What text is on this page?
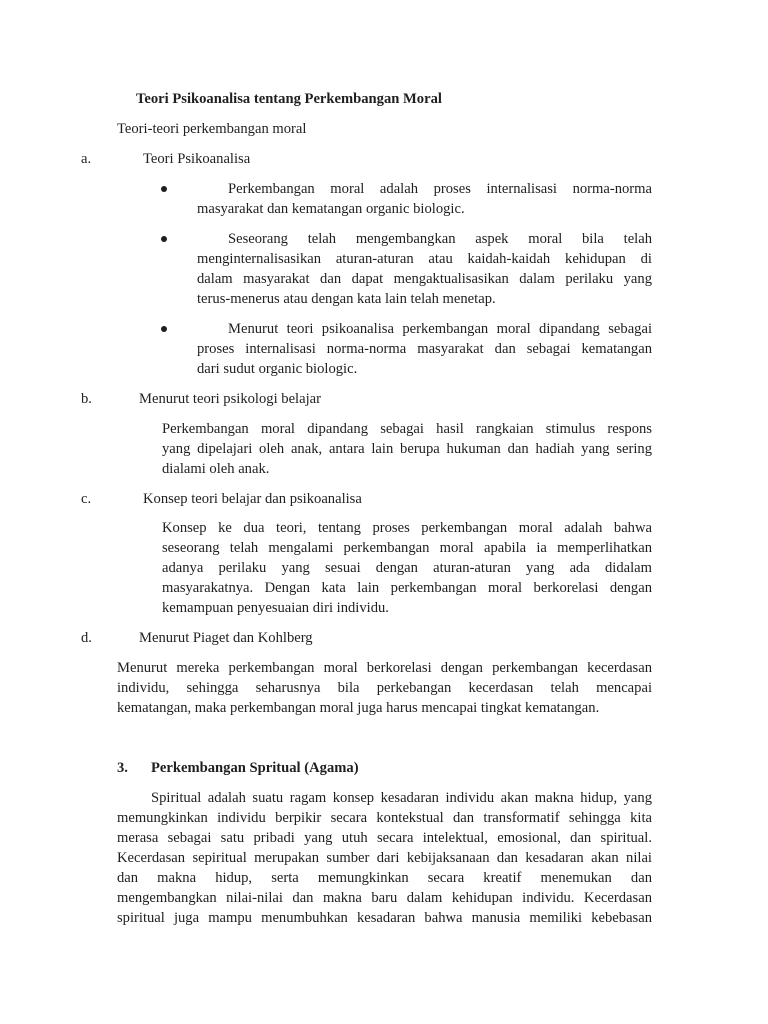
Teori Psikoanalisa tentang Perkembangan Moral

Teori-teori perkembangan moral

a.	Teori Psikoanalisa

Perkembangan moral adalah proses internalisasi norma-norma

masyarakat dan kematangan organic biologic.

Seseorang telah mengembangkan aspek moral bila telah

menginternalisasikan aturan-aturan atau kaidah-kaidah kehidupan di

dalam masyarakat dan dapat mengaktualisasikan dalam perilaku yang

terus-menerus atau dengan kata lain telah menetap.

Menurut teori psikoanalisa perkembangan moral dipandang sebagai

proses internalisasi norma-norma masyarakat dan sebagai kematangan

dari sudut organic biologic.

b.	Menurut teori psikologi belajar

Perkembangan moral dipandang sebagai hasil rangkaian stimulus respons

yang dipelajari oleh anak, antara lain berupa hukuman dan hadiah yang sering

dialami oleh anak.

c.	Konsep teori belajar dan psikoanalisa

Konsep ke dua teori, tentang proses perkembangan moral adalah bahwa

seseorang telah mengalami perkembangan moral apabila ia memperlihatkan

adanya perilaku yang sesuai dengan aturan-aturan yang ada didalam

masyarakatnya. Dengan kata lain perkembangan moral berkorelasi dengan

kemampuan penyesuaian diri individu.

d.	Menurut Piaget dan Kohlberg

Menurut mereka perkembangan moral berkorelasi dengan perkembangan kecerdasan

individu, sehingga seharusnya bila perkebangan kecerdasan telah mencapai

kematangan, maka perkembangan moral juga harus mencapai tingkat kematangan.

3. Perkembangan Spritual (Agama)

Spiritual adalah suatu ragam konsep kesadaran individu akan makna hidup, yang

memungkinkan individu berpikir secara kontekstual dan transformatif sehingga kita

merasa sebagai satu pribadi yang utuh secara intelektual, emosional, dan spiritual.

Kecerdasan sepiritual merupakan sumber dari kebijaksanaan dan kesadaran akan nilai

dan makna hidup, serta memungkinkan secara kreatif menemukan dan

mengembangkan nilai-nilai dan makna baru dalam kehidupan individu. Kecerdasan

spiritual juga mampu menumbuhkan kesadaran bahwa manusia memiliki kebebasan
